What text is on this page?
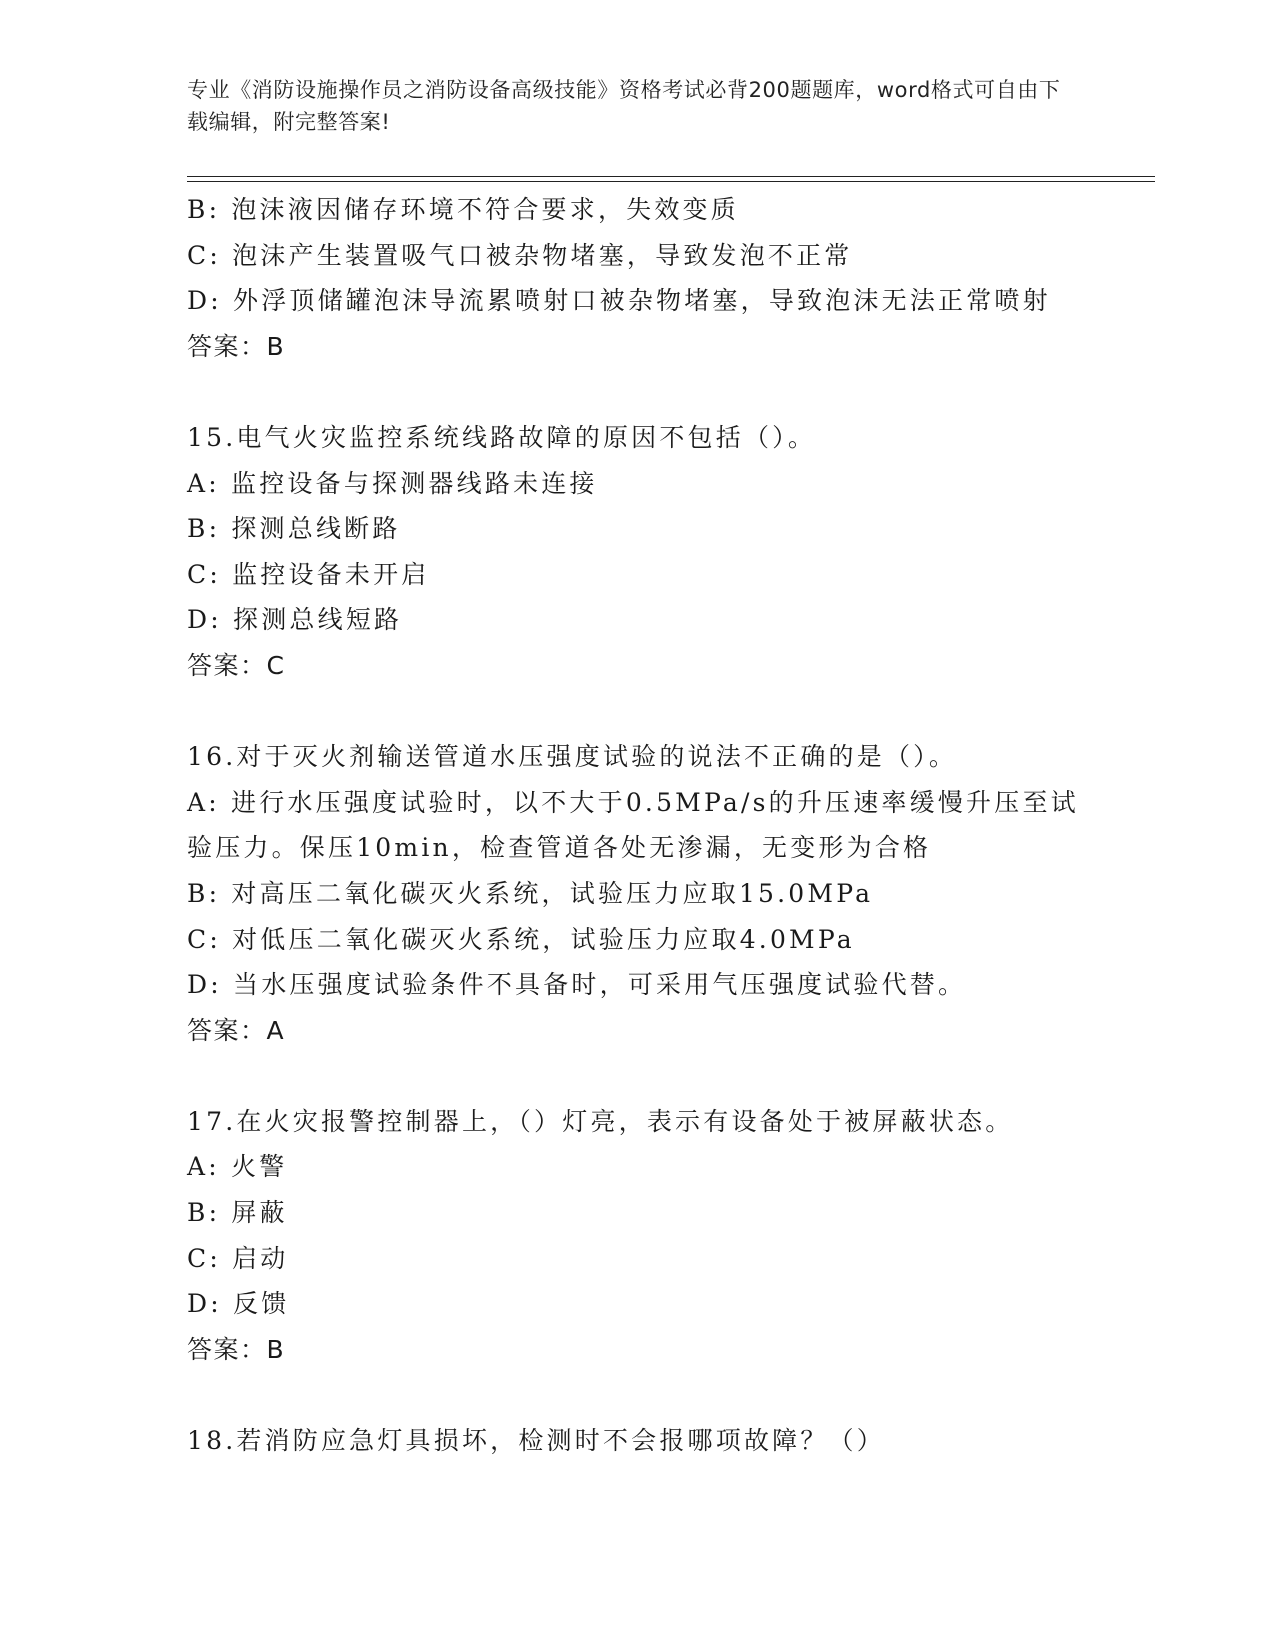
专业《消防设施操作员之消防设备高级技能》资格考试必背200题题库，word格式可自由下载编辑，附完整答案!
B: 泡沫液因储存环境不符合要求，失效变质
C: 泡沫产生装置吸气口被杂物堵塞，导致发泡不正常
D: 外浮顶储罐泡沫导流累喷射口被杂物堵塞，导致泡沫无法正常喷射
答案：B
15.电气火灾监控系统线路故障的原因不包括（）。
A: 监控设备与探测器线路未连接
B: 探测总线断路
C: 监控设备未开启
D: 探测总线短路
答案：C
16.对于灭火剂输送管道水压强度试验的说法不正确的是（）。
A: 进行水压强度试验时，以不大于0.5MPa/s的升压速率缓慢升压至试验压力。保压10min，检查管道各处无渗漏，无变形为合格
B: 对高压二氧化碳灭火系统，试验压力应取15.0MPa
C: 对低压二氧化碳灭火系统，试验压力应取4.0MPa
D: 当水压强度试验条件不具备时，可采用气压强度试验代替。
答案：A
17.在火灾报警控制器上，（）灯亮，表示有设备处于被屏蔽状态。
A: 火警
B: 屏蔽
C: 启动
D: 反馈
答案：B
18.若消防应急灯具损坏，检测时不会报哪项故障？（）
